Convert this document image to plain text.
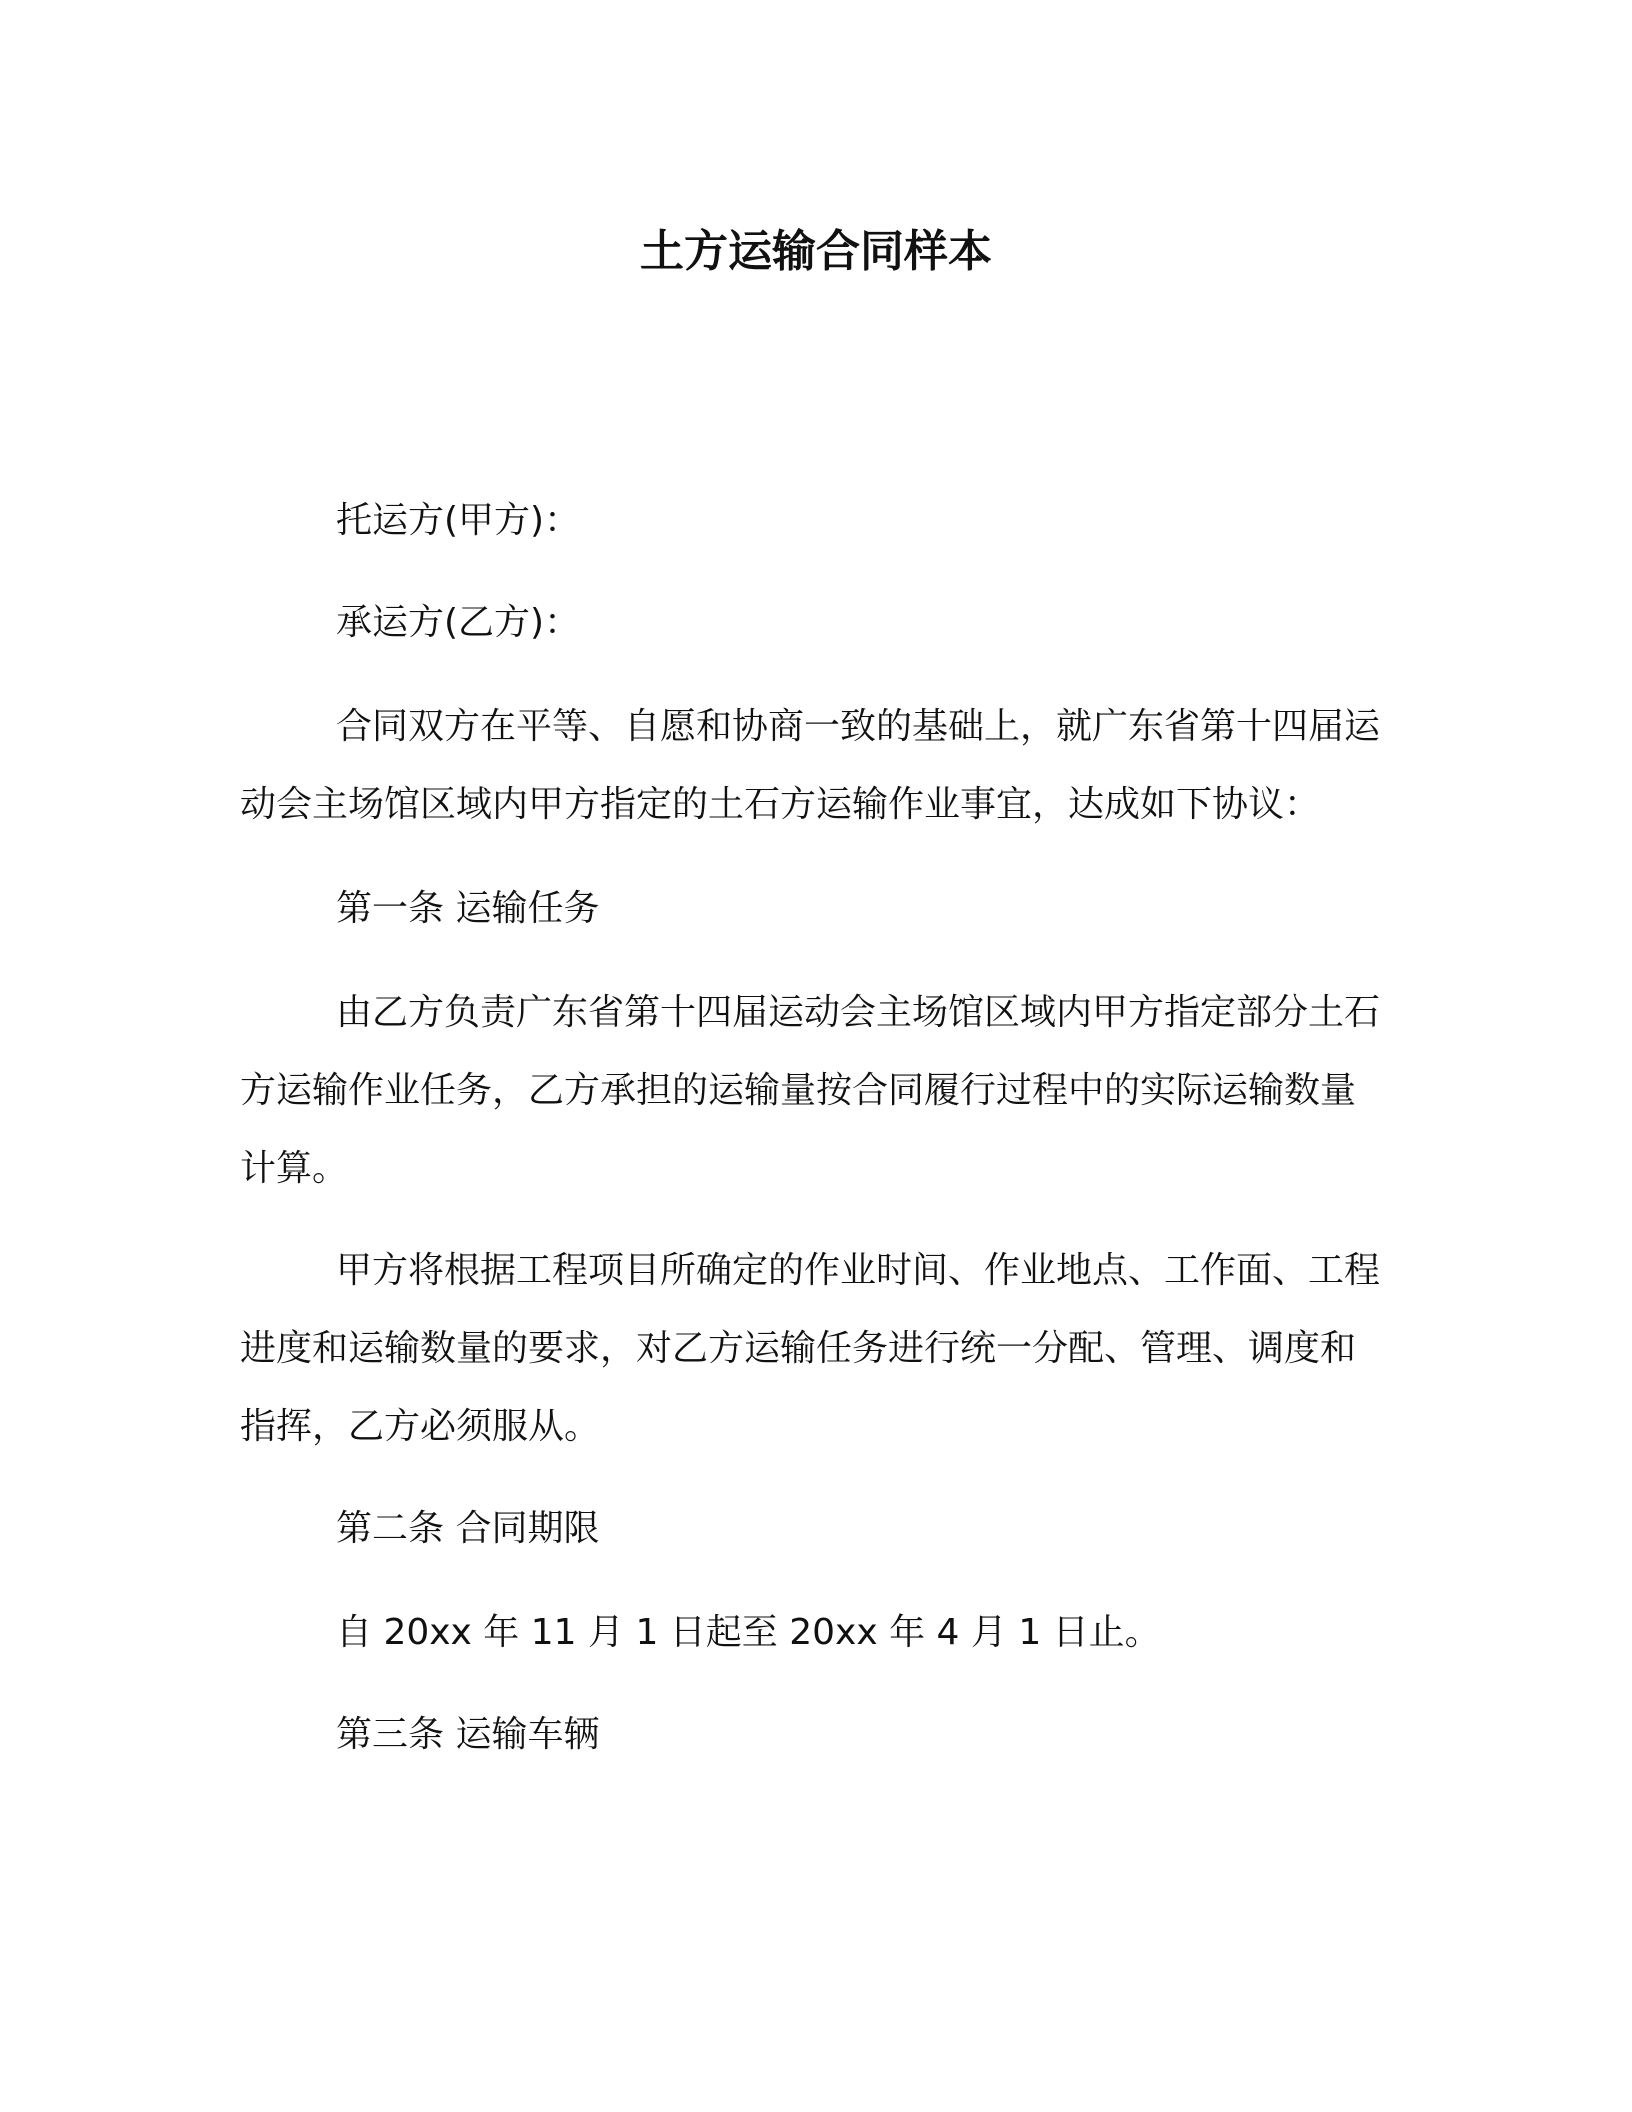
土方运输合同样本

托运方(甲方)：

承运方(乙方)：

合同双方在平等、自愿和协商一致的基础上，就广东省第十四届运动会主场馆区域内甲方指定的土石方运输作业事宜，达成如下协议：

第一条 运输任务

由乙方负责广东省第十四届运动会主场馆区域内甲方指定部分土石方运输作业任务，乙方承担的运输量按合同履行过程中的实际运输数量计算。

甲方将根据工程项目所确定的作业时间、作业地点、工作面、工程进度和运输数量的要求，对乙方运输任务进行统一分配、管理、调度和指挥，乙方必须服从。

第二条 合同期限

自 20xx 年 11 月 1 日起至 20xx 年 4 月 1 日止。

第三条 运输车辆
